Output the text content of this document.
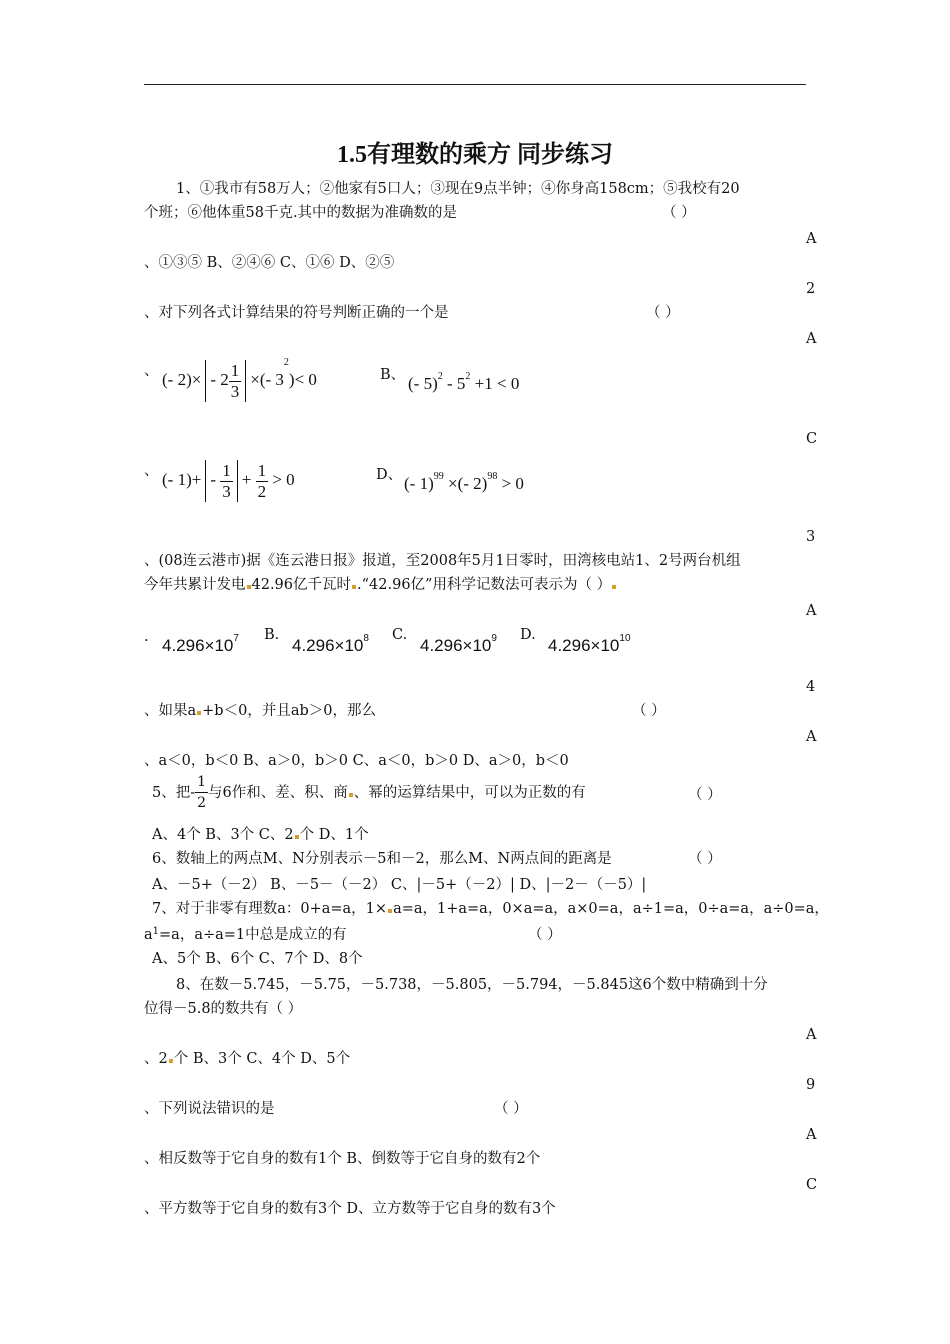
1.5有理数的乘方 同步练习
1、①我市有58万人；②他家有5口人；③现在9点半钟；④你身高158cm；⑤我校有20
个班；⑥他体重58千克.其中的数据为准确数的是	（ ）
A
、①③⑤ B、②④⑥ C、①⑥ D、②⑤
2
、对下列各式计算结果的符号判断正确的一个是	（ ）
A
、 (- $2)\times - 2 \frac{1}{3}$ ×(- $3^2)< 0$	B、 (- $5)^2 - 5^2 +1 < 0$
C
、 (- $1)+ - \frac{1}{3} + \frac{1}{2} > 0$	D、 (- 1)$^{99}$ ×(- 2)$^{98}$ > 0
3
、(08连云港市)据《连云港日报》报道，至2008年5月1日零时，田湾核电站1、2号两台机组
今年共累计发电 42.96亿千瓦时 .“42.96亿”用科学记数法可表示为（ ）
A
. $4.296\times 10^7$ B.
$4.296\times 10^8$ C.
$4.296\times 10^9$ D.
$4.296\times 10^{10}$
4
、如果a +b＜0，并且ab＞0，那么	（ ）
A
、a＜0，b＜0 B、a＞0，b＞0 C、a＜0，b＞0 D、a＞0，b＜0
5、把- $\frac{1}{2}$ 与6作和、差、积、商 、幂的运算结果中，可以为正数的有	（ ）
A、4个 B、3个 C、2 个 D、1个
6、数轴上的两点M、N分别表示－5和－2，那么M、N两点间的距离是	（ ）
A、－5+（－2） B、－5－（－2） C、|－5+（－2）| D、|－2－（－5）|
7、对于非零有理数a：0+a=a，1× a=a，1+a=a，0×a=a，a×0=a，a÷1=a，0÷a=a，a÷0=a，
$a^1=a$，a÷a=1中总是成立的有	（ ）
A、5个 B、6个 C、7个 D、8个
8、在数－5.745，－5.75，－5.738，－5.805，－5.794，－5.845这6个数中精确到十分
位得－5.8的数共有（ ）
A
、2 个 B、3个 C、4个 D、5个
9
、下列说法错识的是	（ ）
A
、相反数等于它自身的数有1个 B、倒数等于它自身的数有2个
C
、平方数等于它自身的数有3个 D、立方数等于它自身的数有3个
